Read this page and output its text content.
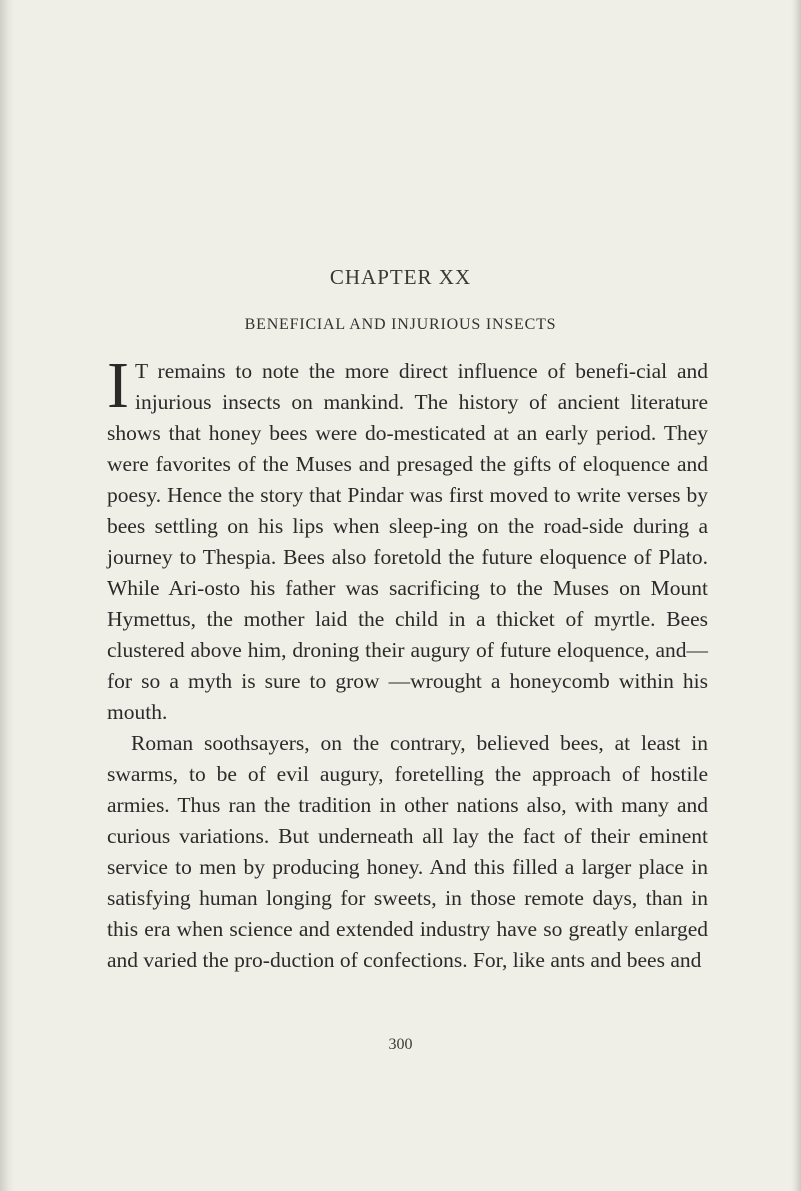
CHAPTER XX
BENEFICIAL AND INJURIOUS INSECTS

I T remains to note the more direct influence of benefi-cial and injurious insects on mankind. The history of ancient literature shows that honey bees were do-mesticated at an early period. They were favorites of the Muses and presaged the gifts of eloquence and poesy. Hence the story that Pindar was first moved to write verses by bees settling on his lips when sleep-ing on the road-side during a journey to Thespia. Bees also foretold the future eloquence of Plato. While Ari-osto his father was sacrificing to the Muses on Mount Hymettus, the mother laid the child in a thicket of myrtle. Bees clustered above him, droning their augury of future eloquence, and—for so a myth is sure to grow —wrought a honeycomb within his mouth.

Roman soothsayers, on the contrary, believed bees, at least in swarms, to be of evil augury, foretelling the approach of hostile armies. Thus ran the tradition in other nations also, with many and curious variations. But underneath all lay the fact of their eminent service to men by producing honey. And this filled a larger place in satisfying human longing for sweets, in those remote days, than in this era when science and extended industry have so greatly enlarged and varied the pro-duction of confections. For, like ants and bees and

300
